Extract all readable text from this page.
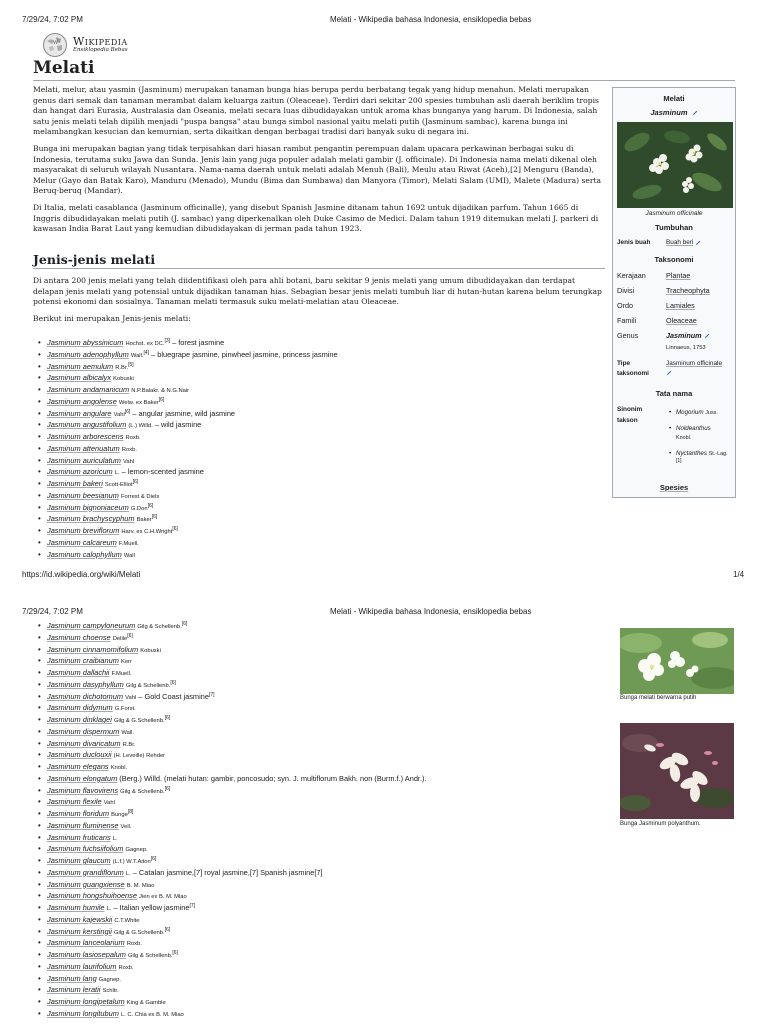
7/29/24, 7:02 PM	Melati - Wikipedia bahasa Indonesia, ensiklopedia bebas
W Wikipedia
Ensiklopedia Bebas
Melati

Melati, melur, atau yasmin (Jasminum) merupakan tanaman bunga hias berupa perdu berbatang tegak yang hidup menahun. Melati merupakan genus dari semak dan tanaman merambat dalam keluarga zaitun (Oleaceae). Terdiri dari sekitar 200 spesies tumbuhan asli daerah beriklim tropis dan hangat dari Eurasia, Australasia dan Oseania, melati secara luas dibudidayakan untuk aroma khas bunganya yang harum. Di Indonesia, salah satu jenis melati telah dipilih menjadi "puspa bangsa" atau bunga simbol nasional yaitu melati putih (Jasminum sambac), karena bunga ini melambangkan kesucian dan kemurnian, serta dikaitkan dengan berbagai tradisi dari banyak suku di negara ini.

Bunga ini merupakan bagian yang tidak terpisahkan dari hiasan rambut pengantin perempuan dalam upacara perkawinan berbagai suku di Indonesia, terutama suku Jawa dan Sunda. Jenis lain yang juga populer adalah melati gambir (J. officinale). Di Indonesia nama melati dikenal oleh masyarakat di seluruh wilayah Nusantara. Nama-nama daerah untuk melati adalah Menuh (Bali), Meulu atau Riwat (Aceh),[2] Menguru (Banda), Melur (Gayo dan Batak Karo), Manduru (Menado), Mundu (Bima dan Sumbawa) dan Manyora (Timor), Melati Salam (UMI), Malete (Madura) serta Beruq-beruq (Mandar).

Di Italia, melati casablanca (Jasminum officinalle), yang disebut Spanish Jasmine ditanam tahun 1692 untuk dijadikan parfum. Tahun 1665 di Inggris dibudidayakan melati putih (J. sambac) yang diperkenalkan oleh Duke Casimo de Medici. Dalam tahun 1919 ditemukan melati J. parkeri di kawasan India Barat Laut yang kemudian dibudidayakan di jerman pada tahun 1923.

Jenis-jenis melati

Di antara 200 jenis melati yang telah diidentifikasi oleh para ahli botani, baru sekitar 9 jenis melati yang umum dibudidayakan dan terdapat delapan jenis melati yang potensial untuk dijadikan tanaman hias. Sebagian besar jenis melati tumbuh liar di hutan-hutan karena belum terungkap potensi ekonomi dan sosialnya. Tanaman melati termasuk suku melati-melatian atau Oleaceae.

Berikut ini merupakan Jenis-jenis melati:

• Jasminum abyssinicum Hochst. ex DC.[3] – forest jasmine
• Jasminum adenophyllum Wall.[4] – bluegrape jasmine, pinwheel jasmine, princess jasmine
• Jasminum aemulum R.Br.[5]
• Jasminum albicalyx Kobuski
• Jasminum andamanicum N.P.Balakr. & N.G.Nair
• Jasminum angolense Welw. ex Baker[6]
• Jasminum angulare Vahl[6] – angular jasmine, wild jasmine
• Jasminum angustifolium (L.) Willd. – wild jasmine
• Jasminum arborescens Roxb.
• Jasminum attenuatum Roxb.
• Jasminum auriculatum Vahl
• Jasminum azoricum L. – lemon-scented jasmine
• Jasminum bakeri Scott-Elliot[6]
• Jasminum beesianum Forrest & Diels
• Jasminum bignoniaceum G.Don[6]
• Jasminum brachyscyphum Baker[6]
• Jasminum breviflorum Harv. ex C.H.Wright[6]
• Jasminum calcareum F.Muell.
• Jasminum calophyllum Wall
Melati
Jasminum
Jasminum officinale
Tumbuhan
Jenis buah	Buah beri
Taksonomi
Kerajaan	Plantae
Divisi	Tracheophyta
Ordo	Lamiales
Famili	Oleaceae
Genus	Jasminum
Linnaeus, 1753
Tipe
taksonomi
Jasminum officinale

Tata nama
Sinonim
takson
• Mogorium Juss.
• Noldeanthus
Knobl.
• Nyctanthes St.-Lag.[1]
Spesies
https://id.wikipedia.org/wiki/Melati	1/4
7/29/24, 7:02 PM	Melati - Wikipedia bahasa Indonesia, ensiklopedia bebas
• Jasminum campyloneurum Gilg & Schellenb.[6]
• Jasminum choense Delile[6]
• Jasminum cinnamomifolium Kobuski
• Jasminum craibianum Kerr
• Jasminum dallachii F.Muell.
• Jasminum dasyphyllum Gilg & Schellenb.[6]
• Jasminum dichotomum Vahl – Gold Coast jasmine[7]
• Jasminum didymum G.Forst.
• Jasminum dinklagei Gilg & G.Schellenb.[6]
• Jasminum dispermum Wall.
• Jasminum divaricatum R.Br.
• Jasminum duclouxii (H. Leveille) Rehder
• Jasminum elegans Knobl.
• Jasminum elongatum (Berg.) Willd. (melati hutan: gambir, poncosudo; syn. J. multiflorum Bakh. non (Burm.f.) Andr.).
• Jasminum flavovirens Gilg & Schellenb.[6]
• Jasminum flexile Vahl
• Jasminum floridum Bunge[8]
• Jasminum fluminense Vell.
• Jasminum fruticans L.
• Jasminum fuchsiifolium Gagnep.
• Jasminum glaucum (L.f.) W.T.Aiton[6]
• Jasminum grandiflorum L. – Catalan jasmine,[7] royal jasmine,[7] Spanish jasmine[7]
• Jasminum guangxiense B. M. Miao
• Jasminum hongshuihoense Jien ex B. M. Miao
• Jasminum humile L. – Italian yellow jasmine[7]
• Jasminum kajewskii C.T.White
• Jasminum kerstingii Gilg & G.Schellenb.[6]
• Jasminum lanceolarium Roxb.
• Jasminum lasiosepalum Gilg & Schellenb.[6]
• Jasminum laurifolium Roxb.
• Jasminum lang Gagnep.
• Jasminum leratii Schltr.
• Jasminum longipetalum King & Gamble
• Jasminum longitubum L. C. Chia ex B. M. Miao
Bunga melati berwarna putih
Bunga Jasminum polyanthum.
